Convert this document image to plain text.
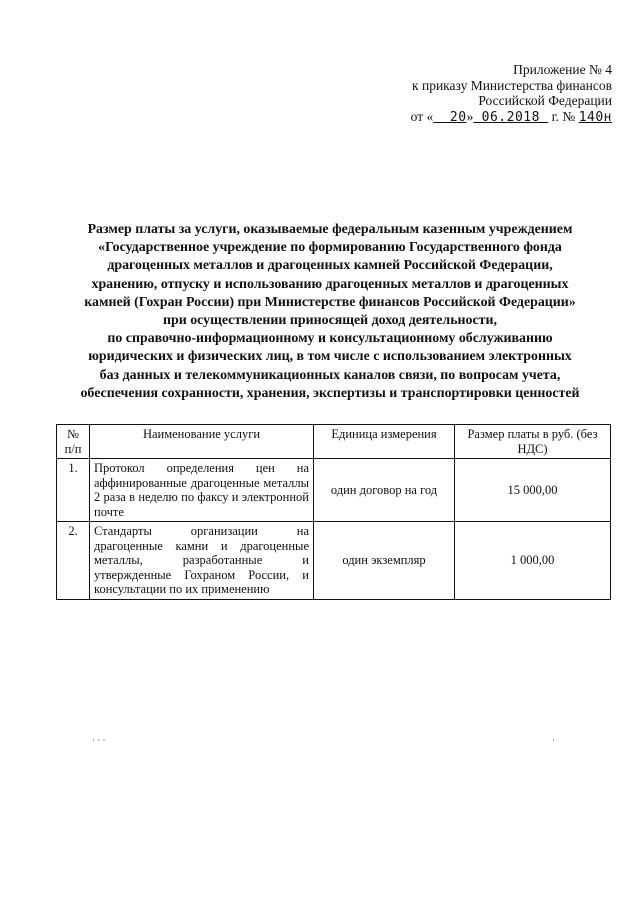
Приложение № 4
к приказу Министерства финансов
Российской Федерации
от « 20» 06.2018 г. № 140н
Размер платы за услуги, оказываемые федеральным казенным учреждением
«Государственное учреждение по формированию Государственного фонда
драгоценных металлов и драгоценных камней Российской Федерации,
хранению, отпуску и использованию драгоценных металлов и драгоценных
камней (Гохран России) при Министерстве финансов Российской Федерации»
при осуществлении приносящей доход деятельности,
по справочно-информационному и консультационному обслуживанию
юридических и физических лиц, в том числе с использованием электронных
баз данных и телекоммуникационных каналов связи, по вопросам учета,
обеспечения сохранности, хранения, экспертизы и транспортировки ценностей
№ п/п	Наименование услуги	Единица измерения	Размер платы в руб. (без НДС)
1.	Протокол определения цен на аффинированные драгоценные металлы 2 раза в неделю по факсу и электронной почте	один договор на год	15 000,00
2.	Стандарты организации на драгоценные камни и драгоценные металлы, разработанные и утвержденные Гохраном России, и консультации по их применению	один экземпляр	1 000,00
· · ·	·
